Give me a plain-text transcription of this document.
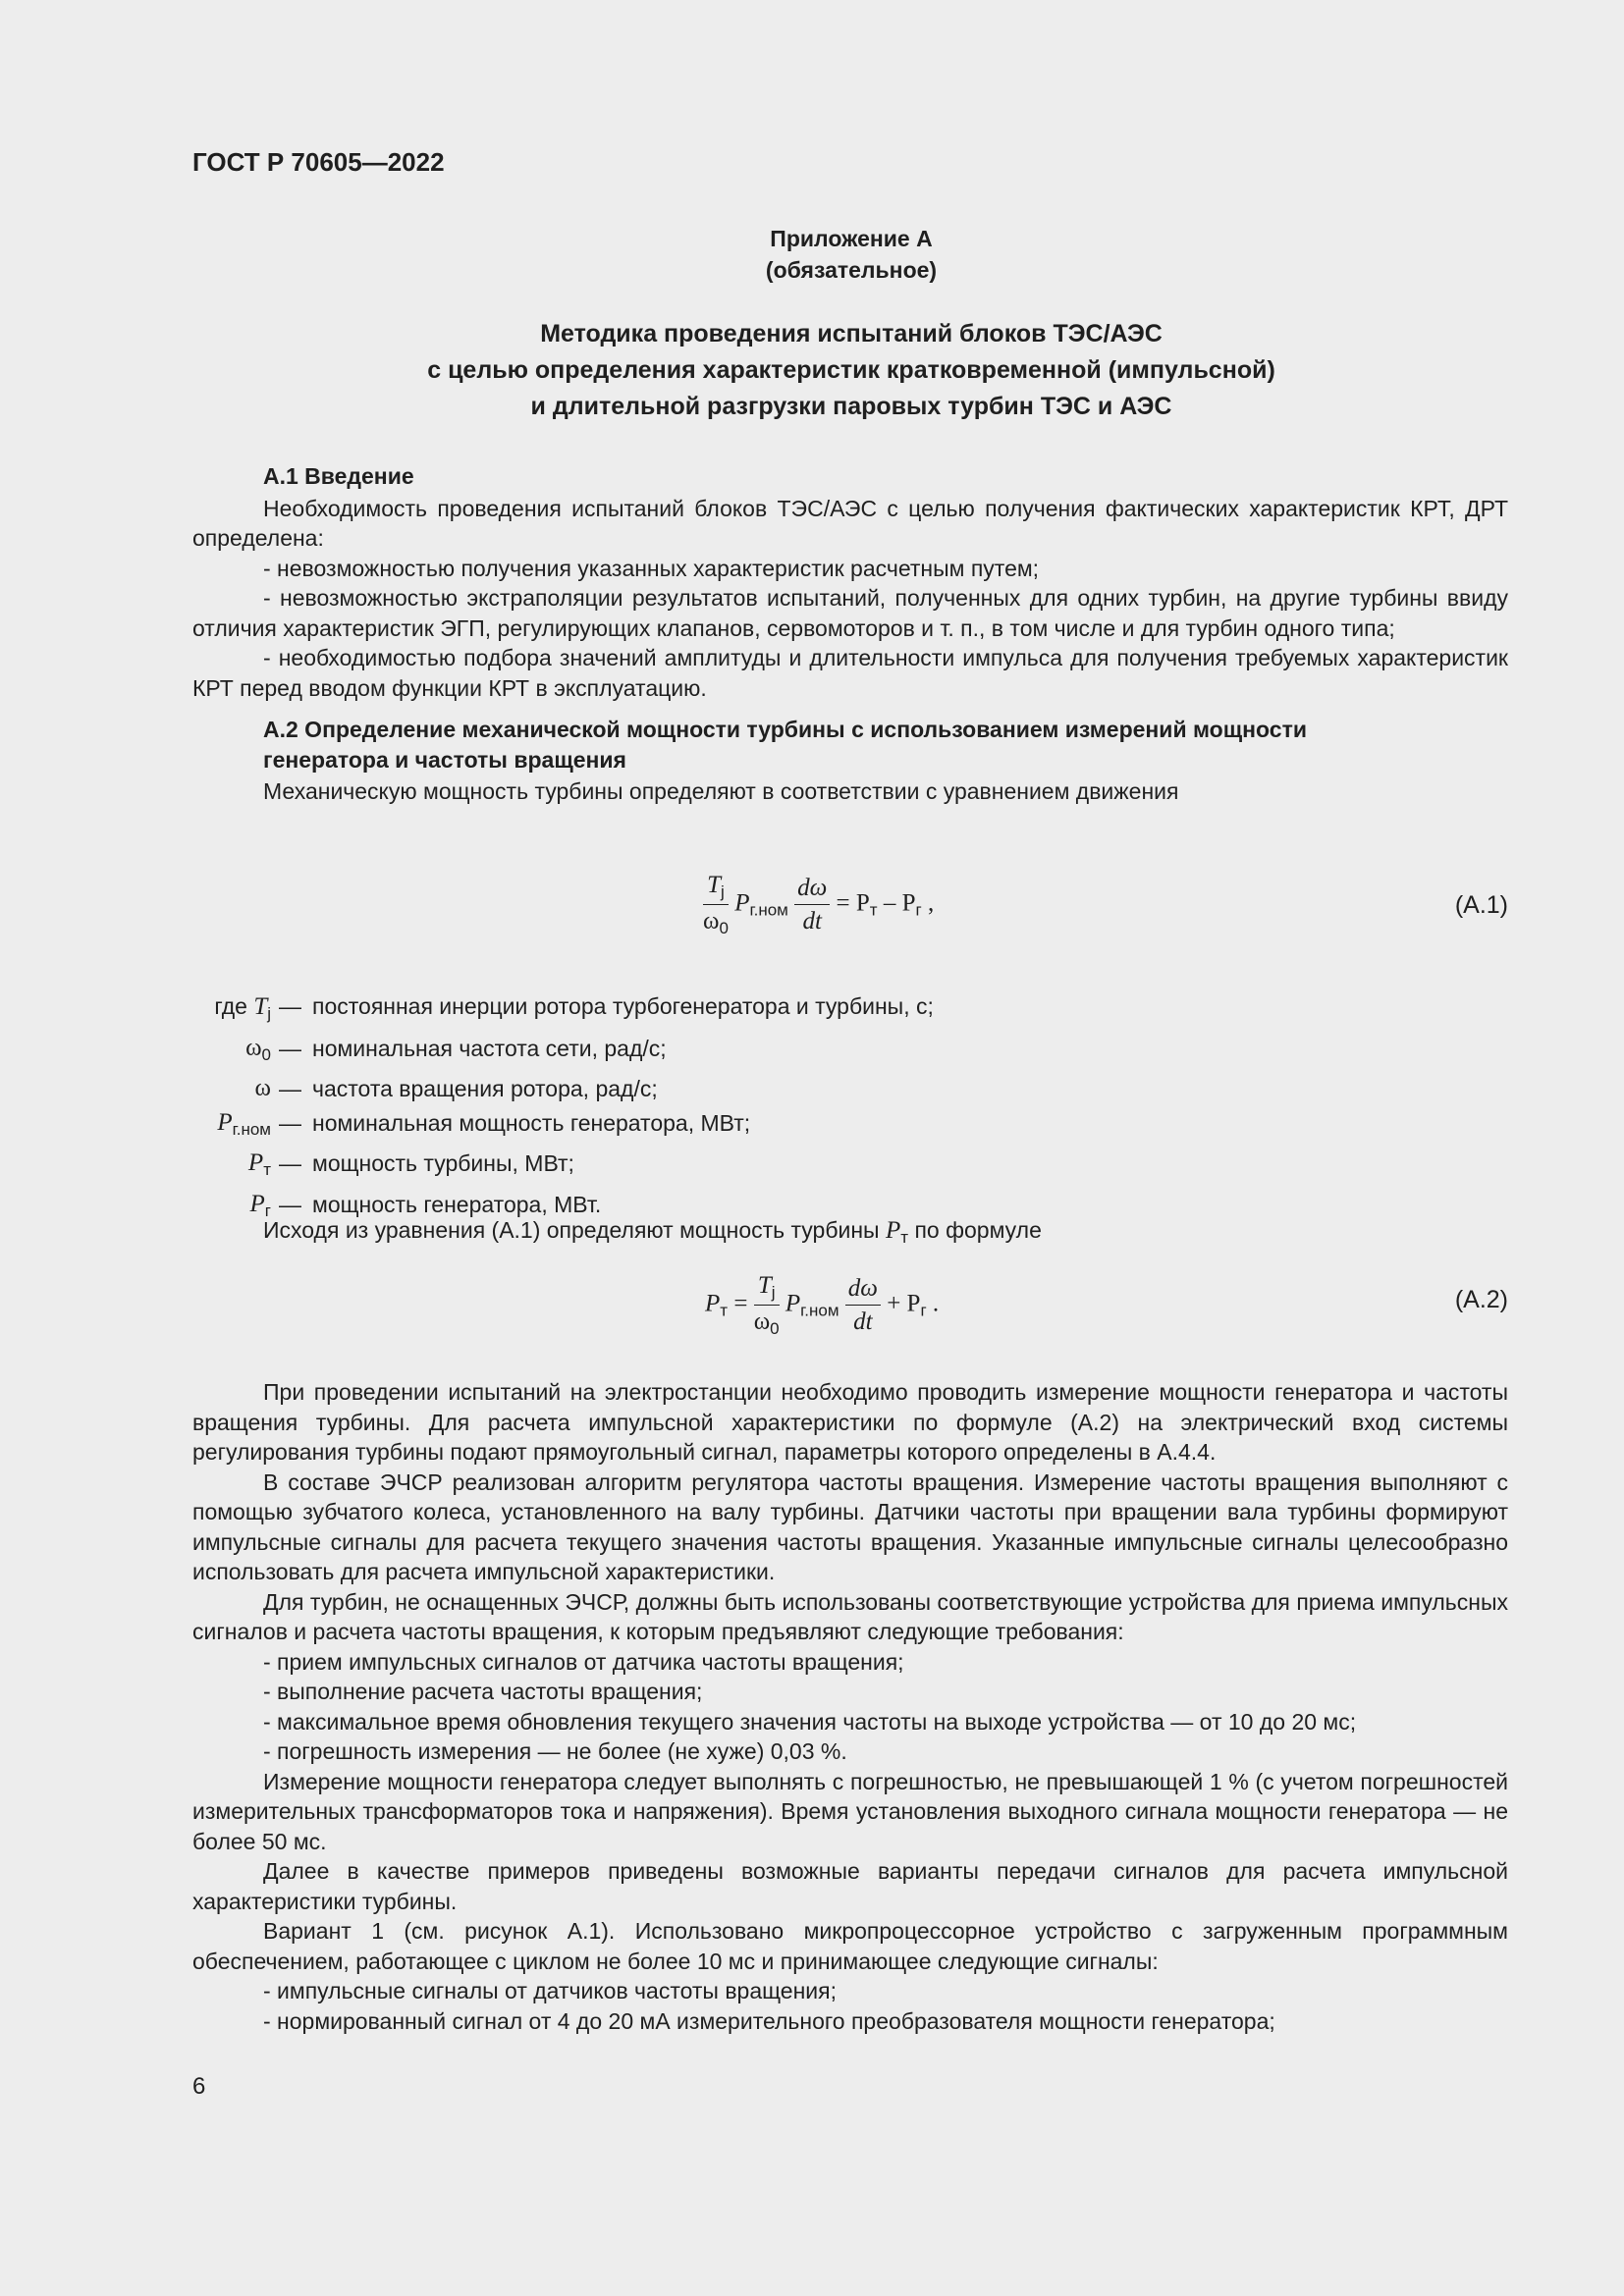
ГОСТ Р 70605—2022
Приложение А
(обязательное)
Методика проведения испытаний блоков ТЭС/АЭС
с целью определения характеристик кратковременной (импульсной)
и длительной разгрузки паровых турбин ТЭС и АЭС

А.1 Введение

Необходимость проведения испытаний блоков ТЭС/АЭС с целью получения фактических характеристик КРТ, ДРТ определена:

- невозможностью получения указанных характеристик расчетным путем;

- невозможностью экстраполяции результатов испытаний, полученных для одних турбин, на другие турбины ввиду отличия характеристик ЭГП, регулирующих клапанов, сервомоторов и т. п., в том числе и для турбин одного типа;

- необходимостью подбора значений амплитуды и длительности импульса для получения требуемых характеристик КРТ перед вводом функции КРТ в эксплуатацию.

А.2 Определение механической мощности турбины с использованием измерений мощности

генератора и частоты вращения

Механическую мощность турбины определяют в соответствии с уравнением движения

$\frac{T_j}{\omega_0} P_{г.ном} \frac{d\omega}{dt} = P_т - P_г$ ,	(А.1)
где $T_j$ — постоянная инерции ротора турбогенератора и турбины, с;
$\omega_0$ — номинальная частота сети, рад/с;
ω — частота вращения ротора, рад/с;
$P_{г.ном}$ — номинальная мощность генератора, МВт;
$P_т$ — мощность турбины, МВт;
$P_г$ — мощность генератора, МВт.

Исходя из уравнения (А.1) определяют мощность турбины $P_т$ по формуле

$P_т = \frac{T_j}{\omega_0} P_{г.ном} \frac{d\omega}{dt} + P_г$ .	(А.2)

При проведении испытаний на электростанции необходимо проводить измерение мощности генератора и частоты вращения турбины. Для расчета импульсной характеристики по формуле (А.2) на электрический вход системы регулирования турбины подают прямоугольный сигнал, параметры которого определены в А.4.4.

В составе ЭЧСР реализован алгоритм регулятора частоты вращения. Измерение частоты вращения выполняют с помощью зубчатого колеса, установленного на валу турбины. Датчики частоты при вращении вала турбины формируют импульсные сигналы для расчета текущего значения частоты вращения. Указанные импульсные сигналы целесообразно использовать для расчета импульсной характеристики.

Для турбин, не оснащенных ЭЧСР, должны быть использованы соответствующие устройства для приема импульсных сигналов и расчета частоты вращения, к которым предъявляют следующие требования:

- прием импульсных сигналов от датчика частоты вращения;

- выполнение расчета частоты вращения;

- максимальное время обновления текущего значения частоты на выходе устройства — от 10 до 20 мс;

- погрешность измерения — не более (не хуже) 0,03 %.

Измерение мощности генератора следует выполнять с погрешностью, не превышающей 1 % (с учетом погрешностей измерительных трансформаторов тока и напряжения). Время установления выходного сигнала мощности генератора — не более 50 мс.

Далее в качестве примеров приведены возможные варианты передачи сигналов для расчета импульсной характеристики турбины.

Вариант 1 (см. рисунок А.1). Использовано микропроцессорное устройство с загруженным программным обеспечением, работающее с циклом не более 10 мс и принимающее следующие сигналы:

- импульсные сигналы от датчиков частоты вращения;

- нормированный сигнал от 4 до 20 мА измерительного преобразователя мощности генератора;

6
